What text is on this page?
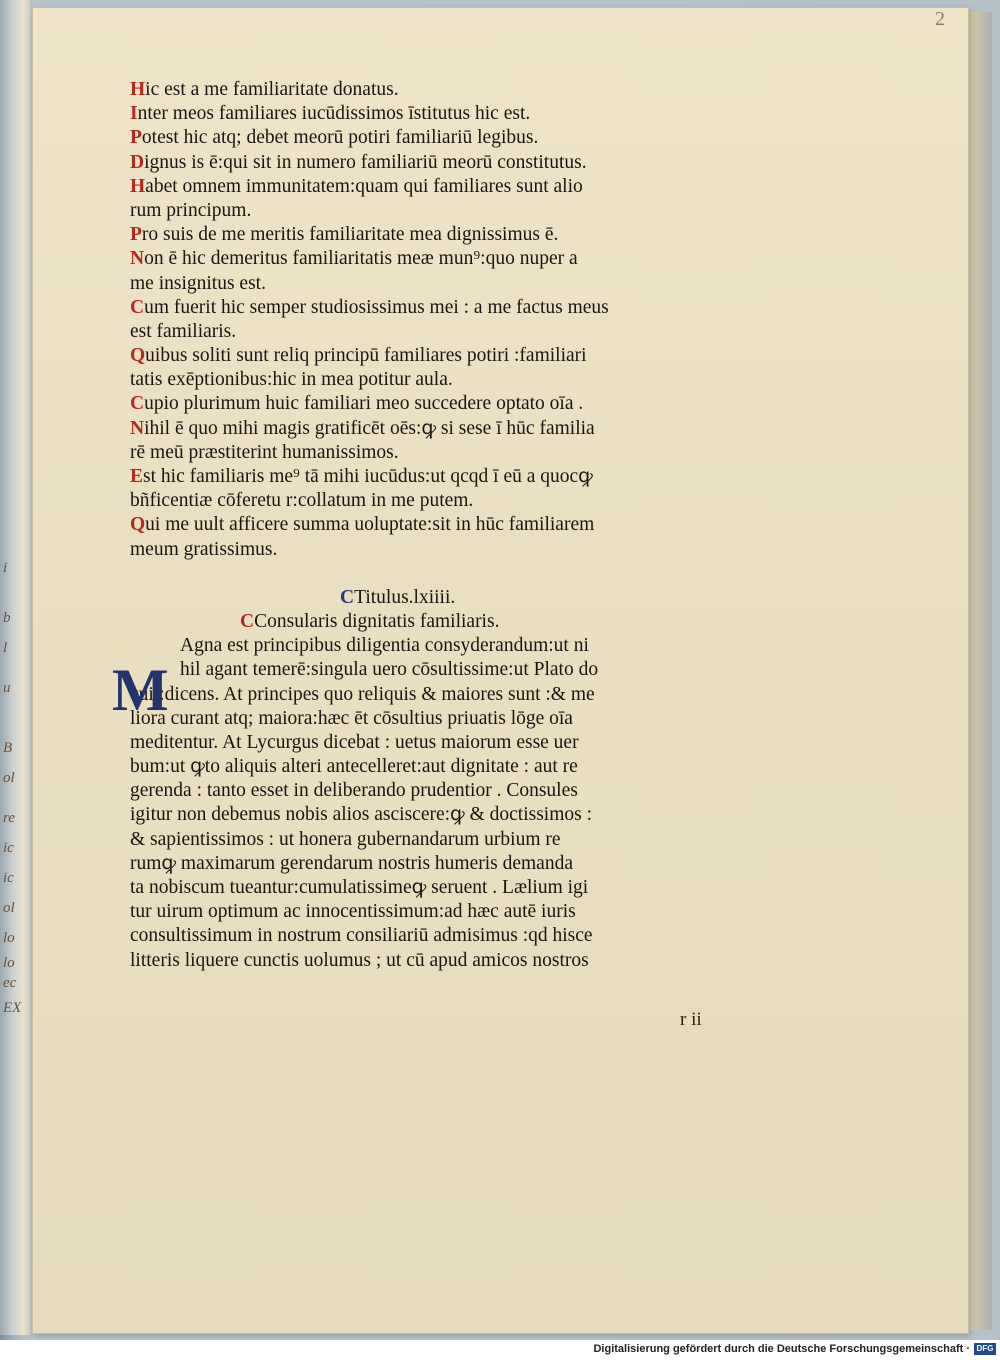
i
b
l
u
B
ol
re
ic
ic
ol
lo
lo
ec
EX
2
Hic est a me familiaritate donatus.
Inter meos familiares iucūdissimos īstitutus hic est.
Potest hic atq; debet meorū potiri familiariū legibus.
Dignus is ē:qui sit in numero familiariū meorū constitutus.
Habet omnem immunitatem:quam qui familiares sunt alio
rum principum.
Pro suis de me meritis familiaritate mea dignissimus ē.
Non ē hic demeritus familiaritatis meæ mun⁹:quo nuper a
me insignitus est.
Cum fuerit hic semper studiosissimus mei : a me factus meus
est familiaris.
Quibus soliti sunt reliq principū familiares potiri :familiari
tatis exēptionibus:hic in mea potitur aula.
Cupio plurimum huic familiari meo succedere optato oīa .
Nihil ē quo mihi magis gratificēt oēs:ꝙ si sese ī hūc familia
rē meū præstiterint humanissimos.
Est hic familiaris me⁹ tā mihi iucūdus:ut qcqd ī eū a quocꝙ
bñficentiæ cōferetu r:collatum in me putem.
Qui me uult afficere summa uoluptate:sit in hūc familiarem
meum gratissimus.
CTitulus.lxiiii.
CConsularis dignitatis familiaris.
Agna est principibus diligentia consyderandum:ut ni
hil agant temerē:singula uero cōsultissime:ut Plato do
cuit:dicens. At principes quo reliquis & maiores sunt :& me
liora curant atq; maiora:hæc ēt cōsultius priuatis lōge oīa
meditentur. At Lycurgus dicebat : uetus maiorum esse uer
bum:ut ꝙto aliquis alteri antecelleret:aut dignitate : aut re
gerenda : tanto esset in deliberando prudentior . Consules
igitur non debemus nobis alios asciscere:ꝙ & doctissimos :
& sapientissimos : ut honera gubernandarum urbium re
rumꝙ maximarum gerendarum nostris humeris demanda
ta nobiscum tueantur:cumulatissimeꝙ seruent . Lælium igi
tur uirum optimum ac innocentissimum:ad hæc autē iuris
consultissimum in nostrum consiliariū admisimus :qd hisce
litteris liquere cunctis uolumus ; ut cū apud amicos nostros
M
r ii
Digitalisierung gefördert durch die Deutsche Forschungsgemeinschaft · DFG
